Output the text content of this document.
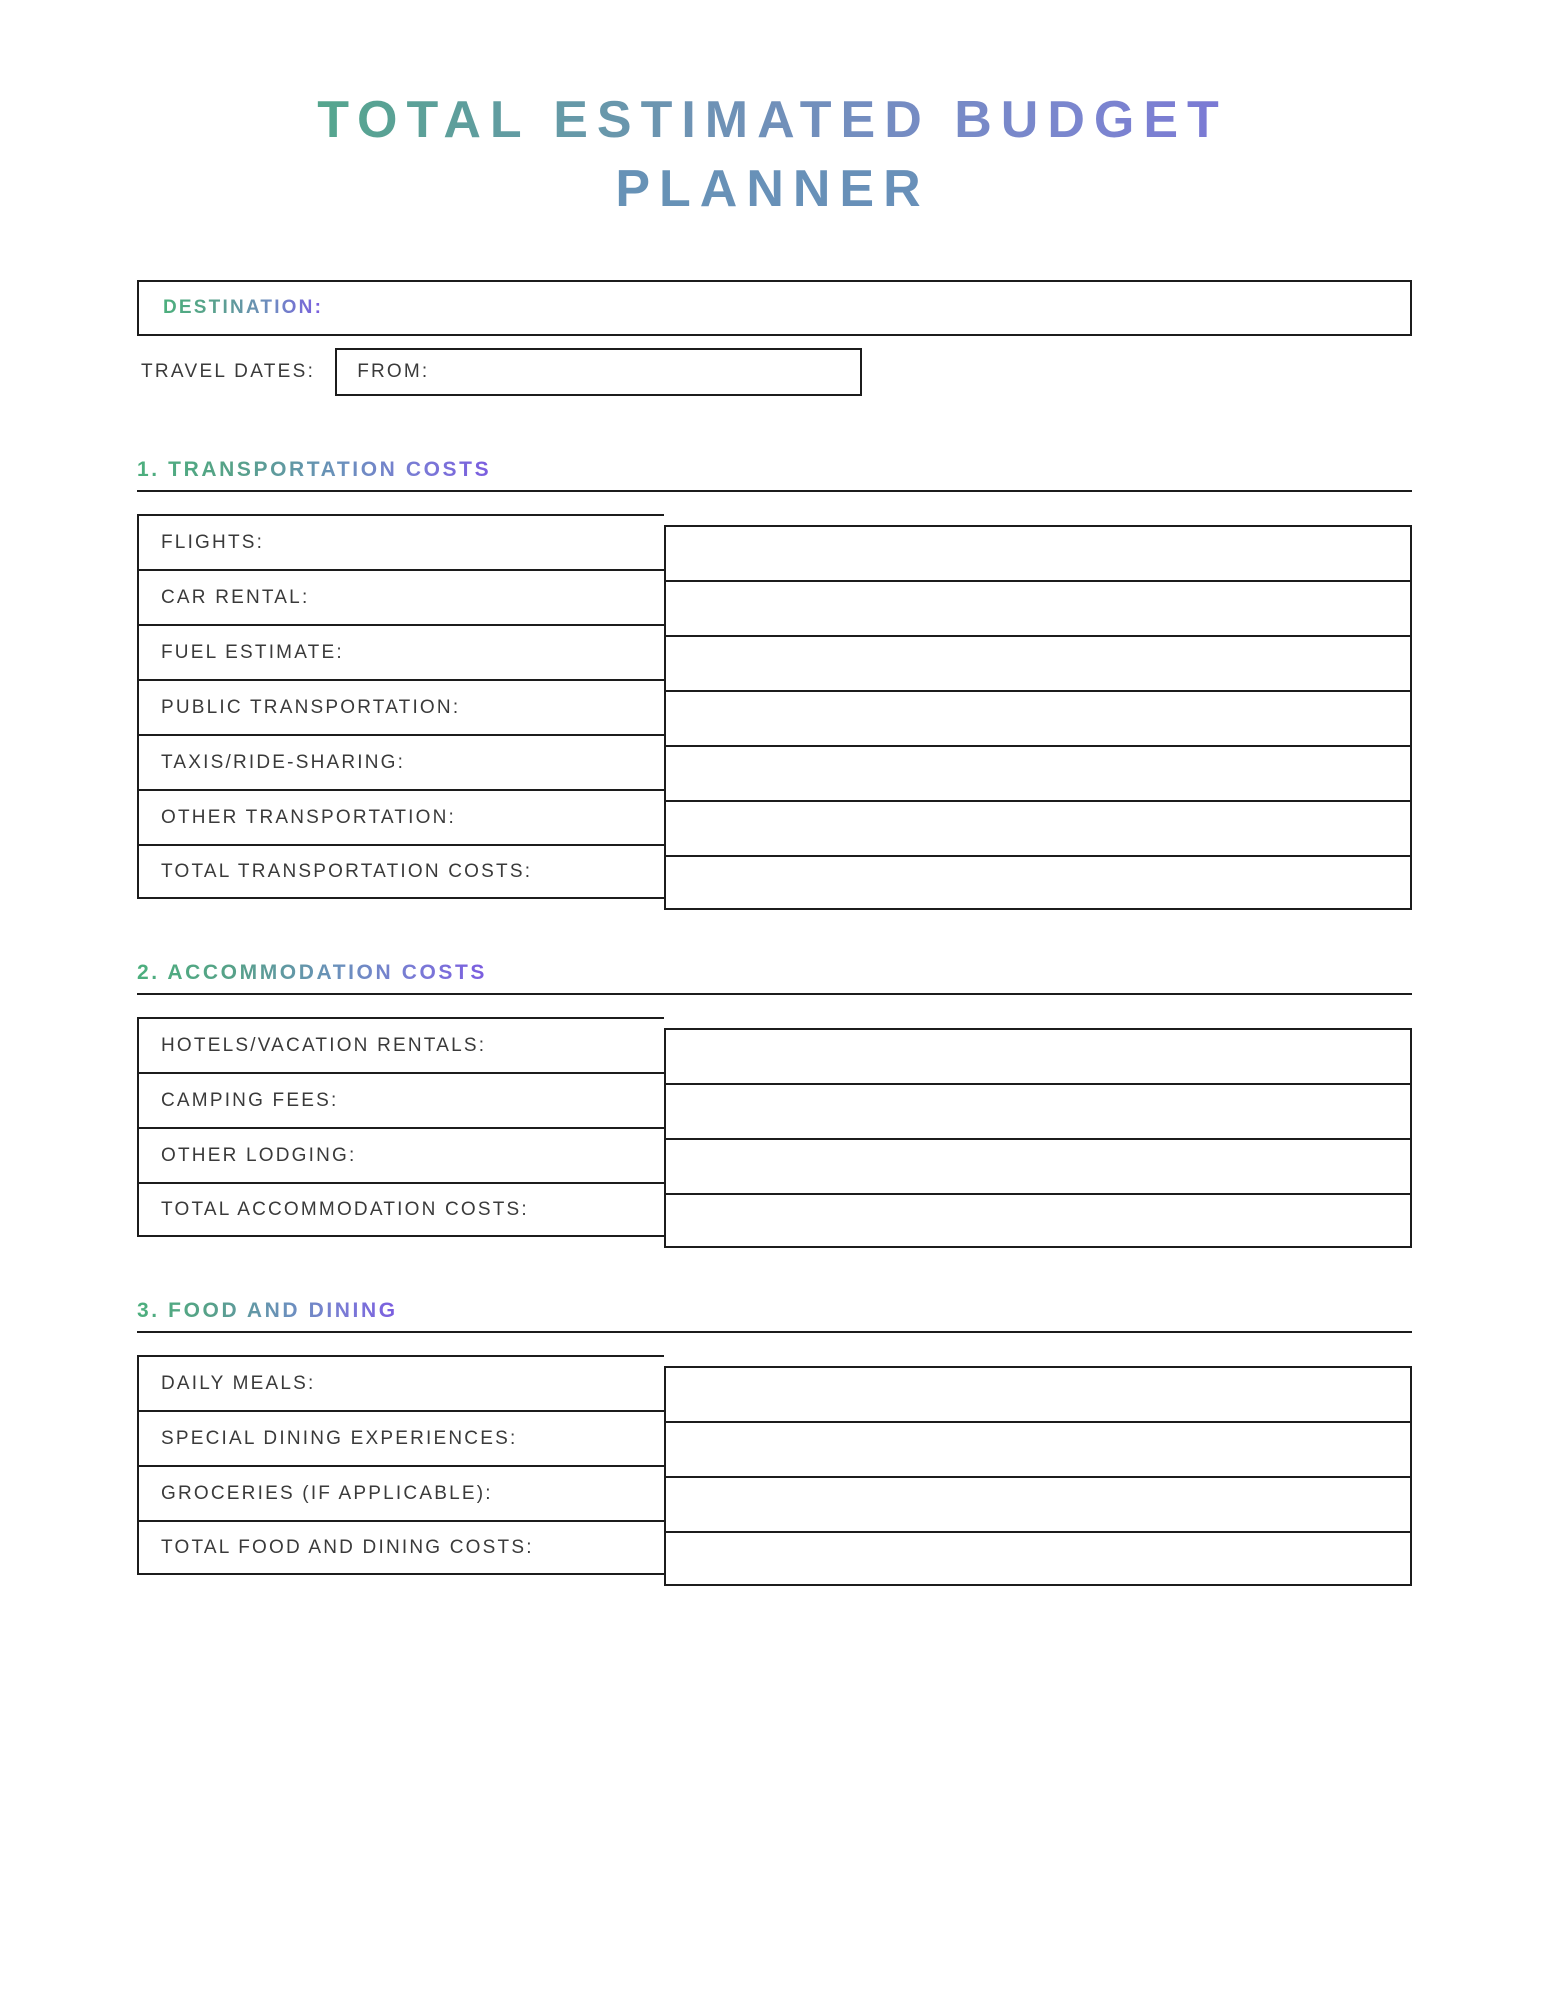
TOTAL ESTIMATED BUDGET
PLANNER
DESTINATION:
TRAVEL DATES:	FROM:
1. TRANSPORTATION COSTS
FLIGHTS:
CAR RENTAL:
FUEL ESTIMATE:
PUBLIC TRANSPORTATION:
TAXIS/RIDE-SHARING:
OTHER TRANSPORTATION:
TOTAL TRANSPORTATION COSTS:
2. ACCOMMODATION COSTS
HOTELS/VACATION RENTALS:
CAMPING FEES:
OTHER LODGING:
TOTAL ACCOMMODATION COSTS:
3. FOOD AND DINING
DAILY MEALS:
SPECIAL DINING EXPERIENCES:
GROCERIES (IF APPLICABLE):
TOTAL FOOD AND DINING COSTS:
